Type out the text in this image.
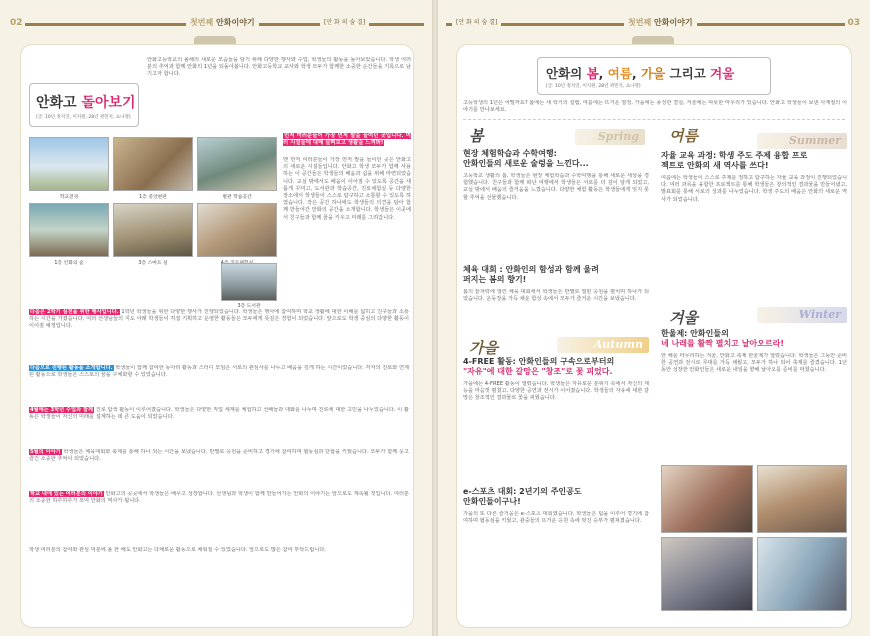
02	첫번째 안화이야기	[안 화 의 숨 결]
안화고 돌아보기
[글: 10년 정지연, 이지원, 28년 곽민지, 쇼나영]
안화고등학교의 올해의 새로운 모습들을 담기 위해 다양한 행사와 수업, 학생들의 활동을 돌아보았습니다. 학생 여러분의 추억과 함께 안화의 1년을 되돌아봅니다. 안화고등학교 교사와 학생 모두가 함께한 소중한 순간들을 기록으로 남기고자 합니다.
학교전경	1층 중앙현관	별관 학습공간
1층 안화의 숲	3층 스마트 실
먼저 여러분들이 가장 먼저 발을 들여던 곳입니다. 여러 시설들에 대해 살펴보고 생활을 느껴봐!
맨 먼저 여러분들이 가장 먼저 발을 들이던 곳은 안화고의 새로운 시설들입니다. 안화고 학생 모두가 함께 사용하는 이 공간들은 학생들의 배움과 쉼을 위해 마련되었습니다. 교실 밖에서도 배움이 이어질 수 있도록 공간을 새롭게 꾸미고, 도서관과 학습공간, 진로체험실 등 다양한 장소에서 학생들이 스스로 탐구하고 소통할 수 있도록 하였습니다. 작은 공간 하나에도 학생들의 의견을 담아 함께 만들어간 안화의 공간을 소개합니다. 학생들은 이곳에서 친구들과 함께 꿈을 키우고 미래를 그려갑니다.
3층 도서관
다음은 2학기 실천을 위한 행사입니다. 1학년 학생들을 위한 다양한 행사가 진행되었습니다. 학생들은 행사에 참여하며 학교 생활에 대한 이해를 넓히고 친구들과 소통하는 시간을 가졌습니다. 여러 선생님들의 지도 아래 학생들이 직접 기획하고 운영한 활동들은 모두에게 뜻깊은 경험이 되었습니다. 앞으로도 학생 중심의 다양한 활동이 이어질 예정입니다.
다음으로 진행된 활동을 소개합니다. 학생들이 함께 참여한 동아리 활동과 스터디 모임은 서로의 관심사를 나누고 배움을 깊게 하는 시간이었습니다. 각자의 진로와 연계된 활동으로 학생들은 스스로의 꿈을 구체화할 수 있었습니다.
4월에는 3학년 수업과 함께 진로 탐색 활동이 이루어졌습니다. 학생들은 다양한 직업 세계를 체험하고 선배들과 대화를 나누며 진로에 대한 고민을 나누었습니다. 이 활동은 학생들이 자신의 미래를 설계하는 데 큰 도움이 되었습니다.
5월의 이야기 학생들은 체육대회와 축제를 통해 하나 되는 시간을 보냈습니다. 반별로 응원을 준비하고 경기에 참여하며 협동심과 단합을 키웠습니다. 모두가 함께 웃고 즐긴 소중한 추억이 되었습니다.
학교 내에 있는 여러분의 이야기 안화고의 곳곳에서 학생들은 배우고 성장합니다. 선생님과 학생이 함께 만들어가는 안화의 이야기는 앞으로도 계속될 것입니다. 여러분의 소중한 하루하루가 모여 안화의 역사가 됩니다.
학생 여러분의 참여와 관심 덕분에 올 한 해도 안화고는 다채로운 활동으로 채워질 수 있었습니다. 앞으로도 많은 참여 부탁드립니다.
[안 화 의 숨 결]	첫번째 안화이야기	03
안화의 봄, 여름, 가을 그리고 겨울
[글: 10년 정지연, 이지원, 28년 곽민지, 쇼나영]
고등학생의 1년은 어떨까요? 봄에는 새 학기의 설렘, 여름에는 뜨거운 열정, 가을에는 풍성한 결실, 겨울에는 따뜻한 마무리가 있습니다. 안화고 학생들이 보낸 사계절의 이야기를 만나보세요.
봄	Spring
현장 체험학습과 수학여행:
안화인들의 새로운 술렁을 느낀다...
고등학교 생활의 봄, 학생들은 현장 체험학습과 수학여행을 통해 새로운 세상을 경험했습니다. 친구들과 함께 떠난 여행에서 학생들은 서로를 더 깊이 알게 되었고, 교실 밖에서 배움의 즐거움을 느꼈습니다. 다양한 체험 활동은 학생들에게 잊지 못할 추억을 선물했습니다.
체육 대회 : 안화인의 함성과 함께 울려
퍼지는 봄의 향기!
봄의 끝자락에 열린 체육 대회에서 학생들은 반별로 열띤 응원을 펼치며 하나가 되었습니다. 운동장을 가득 채운 함성 속에서 모두가 즐거운 시간을 보냈습니다.
여름	Summer
자율 교육 과정: 학생 주도 주제 융합 프로
젝트로 안화의 새 역사를 쓰다!
여름에는 학생들이 스스로 주제를 정하고 탐구하는 자율 교육 과정이 진행되었습니다. 여러 과목을 융합한 프로젝트를 통해 학생들은 창의적인 결과물을 만들어냈고, 발표회를 통해 서로의 성과를 나누었습니다. 학생 주도의 배움은 안화의 새로운 역사가 되었습니다.
겨울	Winter
한울제: 안화인들의
네 나래를 활짝 펼치고 날아오르라!
한 해를 마무리하는 겨울, 안화고 축제 한울제가 열렸습니다. 학생들은 그동안 준비한 공연과 전시로 무대를 가득 채웠고, 모두가 하나 되어 축제를 즐겼습니다. 1년 동안 성장한 안화인들은 새로운 내일을 향해 날아오를 준비를 마쳤습니다.
가을	Autumn
4-FREE 활동: 안화인들의 구속으로부터의
"자유"에 대한 갈망은 "창조"로 꽃 피었다.
가을에는 4-FREE 활동이 열렸습니다. 학생들은 자유로운 분위기 속에서 자신의 재능을 마음껏 펼쳤고, 다양한 공연과 전시가 이어졌습니다. 학생들의 자유에 대한 갈망은 창조적인 결과물로 꽃을 피웠습니다.
e-스포츠 대회: 2년기의 주인공도
안화인들이구나!
가을의 또 다른 즐거움은 e-스포츠 대회였습니다. 학생들은 팀을 이루어 경기에 참여하며 협동심을 키웠고, 관중들의 뜨거운 응원 속에 멋진 승부가 펼쳐졌습니다.
